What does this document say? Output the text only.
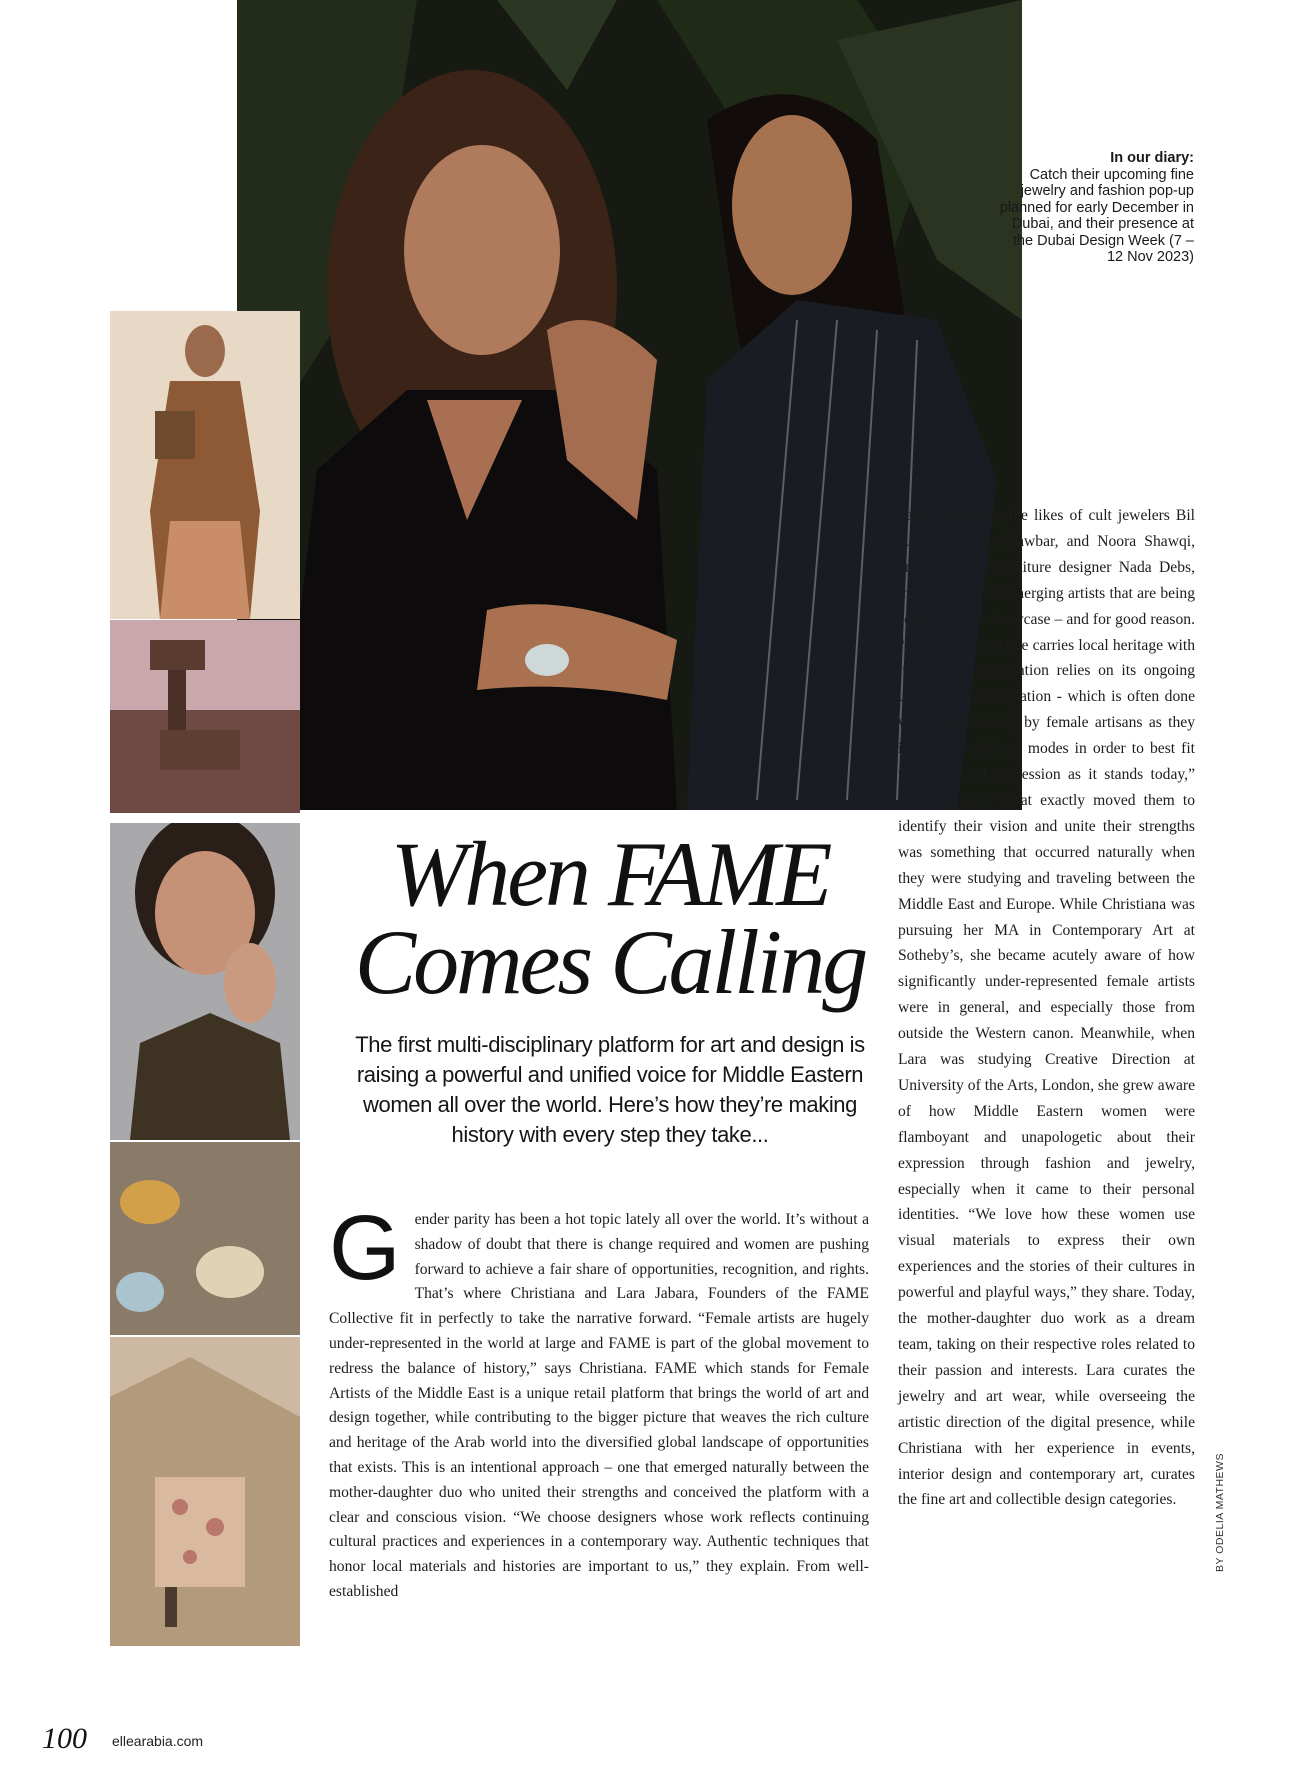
In our diary:
Catch their upcoming fine jewelry and fashion pop-up planned for early December in Dubai, and their presence at the Dubai Design Week (7 – 12 Nov 2023)
When FAME
Comes Calling

The first multi-disciplinary platform for art and design is raising a powerful and unified voice for Middle Eastern women all over the world. Here’s how they’re making history with every step they take...

G ender parity has been a hot topic lately all over the world. It’s without a shadow of doubt that there is change required and women are pushing forward to achieve a fair share of opportunities, recognition, and rights. That’s where Christiana and Lara Jabara, Founders of the FAME Collective fit in perfectly to take the narrative forward. “Female artists are hugely under-represented in the world at large and FAME is part of the global movement to redress the balance of history,” says Christiana. FAME which stands for Female Artists of the Middle East is a unique retail platform that brings the world of art and design together, while contributing to the bigger picture that weaves the rich culture and heritage of the Arab world into the diversified global landscape of opportunities that exists. This is an intentional approach – one that emerged naturally between the mother-daughter duo who united their strengths and conceived the platform with a clear and conscious vision. “We choose designers whose work reflects continuing cultural practices and experiences in a contemporary way. Authentic techniques that honor local materials and histories are important to us,” they explain. From well-established
names including the likes of cult jewelers Bil Arabi, L’atelier Nawbar, and Noora Shawqi, and renowned furniture designer Nada Debs, there are several emerging artists that are being sourced out to showcase – and for good reason. “Every craft practice carries local heritage with it, and its continuation relies on its ongoing updating and adaptation - which is often done very imaginatively by female artisans as they innovate traditional modes in order to best fit their personal expression as it stands today,” explains Lara. What exactly moved them to identify their vision and unite their strengths was something that occurred naturally when they were studying and traveling between the Middle East and Europe. While Christiana was pursuing her MA in Contemporary Art at Sotheby’s, she became acutely aware of how significantly under-represented female artists were in general, and especially those from outside the Western canon. Meanwhile, when Lara was studying Creative Direction at University of the Arts, London, she grew aware of how Middle Eastern women were flamboyant and unapologetic about their expression through fashion and jewelry, especially when it came to their personal identities. “We love how these women use visual materials to express their own experiences and the stories of their cultures in powerful and playful ways,” they share. Today, the mother-daughter duo work as a dream team, taking on their respective roles related to their passion and interests. Lara curates the jewelry and art wear, while overseeing the artistic direction of the digital presence, while Christiana with her experience in events, interior design and contemporary art, curates the fine art and collectible design categories.	BY ODELIA MATHEWS
100 ellearabia.com
